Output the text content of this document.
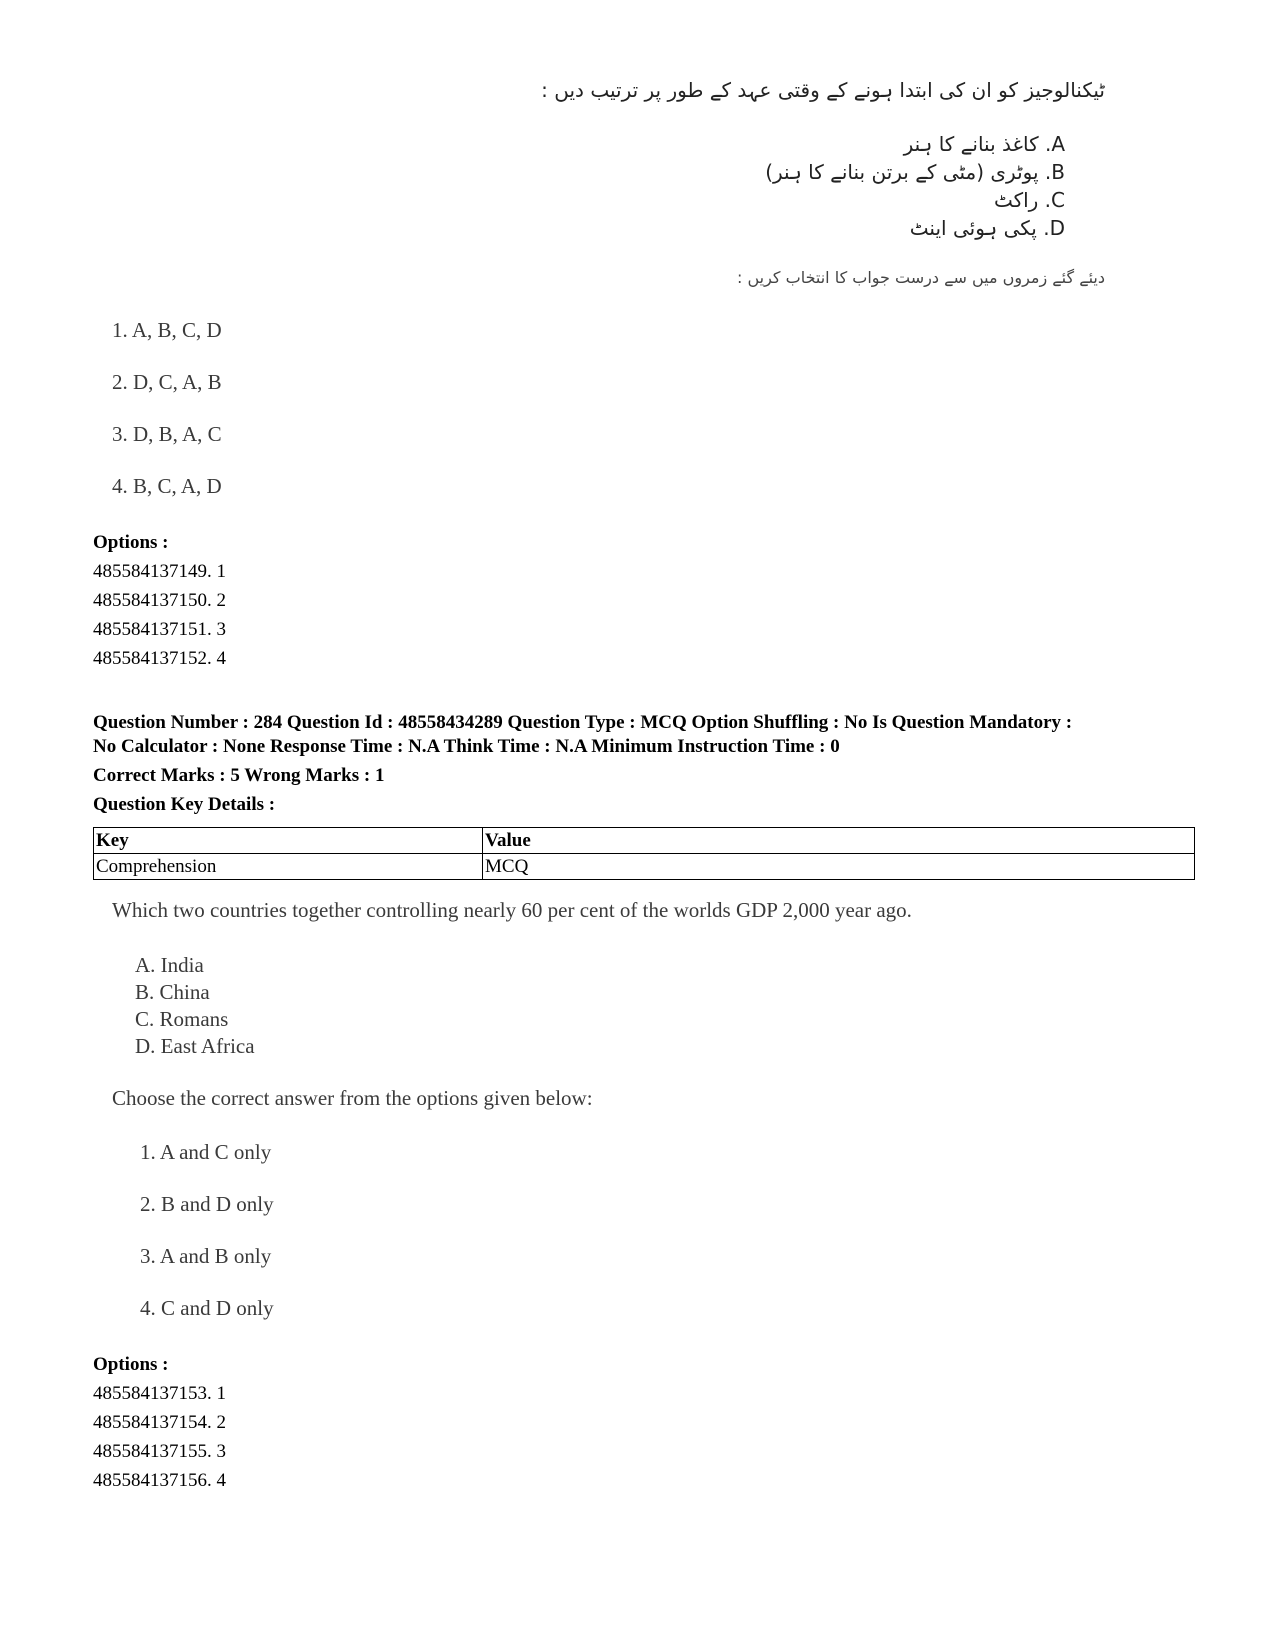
ٹیکنالوجیز کو ان کی ابتدا ہونے کے وقتی عہد کے طور پر ترتیب دیں :
A. کاغذ بنانے کا ہنر
B. پوٹری (مٹی کے برتن بنانے کا ہنر)
C. راکٹ
D. پکی ہوئی اینٹ
دیئے گئے زمروں میں سے درست جواب کا انتخاب کریں :
1. A, B, C, D
2. D, C, A, B
3. D, B, A, C
4. B, C, A, D
Options :
485584137149. 1
485584137150. 2
485584137151. 3
485584137152. 4
Question Number : 284 Question Id : 48558434289 Question Type : MCQ Option Shuffling : No Is Question Mandatory :
No Calculator : None Response Time : N.A Think Time : N.A Minimum Instruction Time : 0
Correct Marks : 5 Wrong Marks : 1
Question Key Details :
Key	Value
Comprehension	MCQ
Which two countries together controlling nearly 60 per cent of the worlds GDP 2,000 year ago.
A. India
B. China
C. Romans
D. East Africa
Choose the correct answer from the options given below:
1. A and C only
2. B and D only
3. A and B only
4. C and D only
Options :
485584137153. 1
485584137154. 2
485584137155. 3
485584137156. 4
